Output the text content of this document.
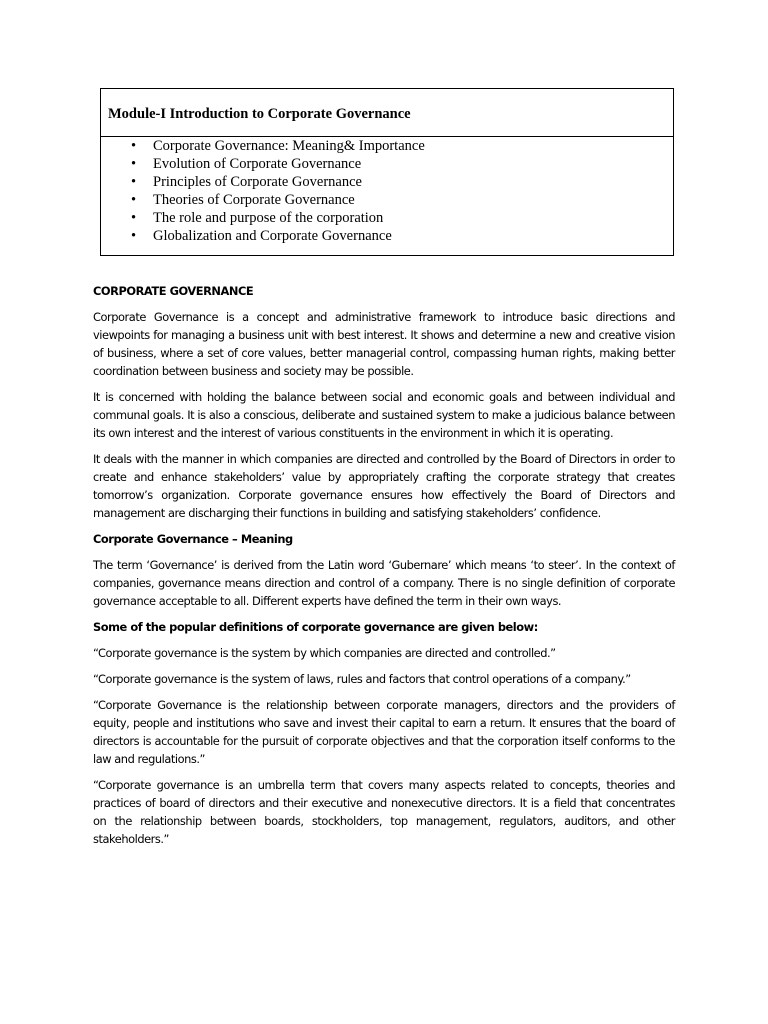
Module-I Introduction to Corporate Governance
• Corporate Governance: Meaning& Importance
• Evolution of Corporate Governance
• Principles of Corporate Governance
• Theories of Corporate Governance
• The role and purpose of the corporation
• Globalization and Corporate Governance

CORPORATE GOVERNANCE

Corporate Governance is a concept and administrative framework to introduce basic directions and viewpoints for managing a business unit with best interest. It shows and determine a new and creative vision of business, where a set of core values, better managerial control, compassing human rights, making better coordination between business and society may be possible.

It is concerned with holding the balance between social and economic goals and between individual and communal goals. It is also a conscious, deliberate and sustained system to make a judicious balance between its own interest and the interest of various constituents in the environment in which it is operating.

It deals with the manner in which companies are directed and controlled by the Board of Directors in order to create and enhance stakeholders’ value by appropriately crafting the corporate strategy that creates tomorrow’s organization. Corporate governance ensures how effectively the Board of Directors and management are discharging their functions in building and satisfying stakeholders’ confidence.

Corporate Governance – Meaning

The term ‘Governance’ is derived from the Latin word ‘Gubernare’ which means ‘to steer’. In the context of companies, governance means direction and control of a company. There is no single definition of corporate governance acceptable to all. Different experts have defined the term in their own ways.

Some of the popular definitions of corporate governance are given below:

“Corporate governance is the system by which companies are directed and controlled.”

“Corporate governance is the system of laws, rules and factors that control operations of a company.”

“Corporate Governance is the relationship between corporate managers, directors and the providers of equity, people and institutions who save and invest their capital to earn a return. It ensures that the board of directors is accountable for the pursuit of corporate objectives and that the corporation itself conforms to the law and regulations.”

“Corporate governance is an umbrella term that covers many aspects related to concepts, theories and practices of board of directors and their executive and nonexecutive directors. It is a field that concentrates on the relationship between boards, stockholders, top management, regulators, auditors, and other stakeholders.”
